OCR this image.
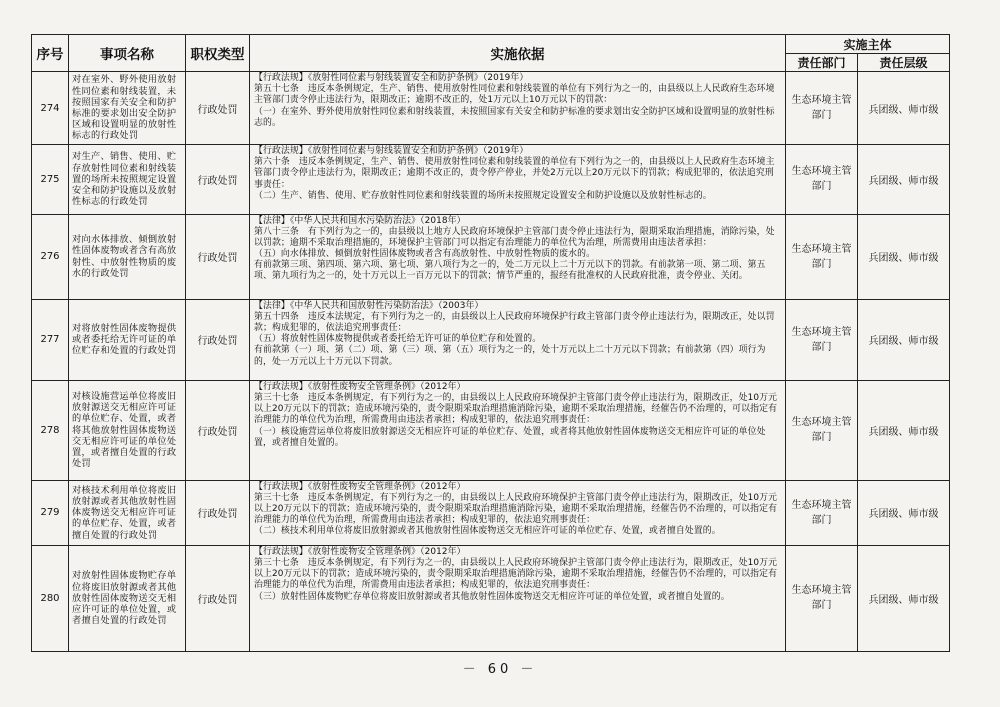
序号	事项名称	职权类型	实施依据	实施主体	
				责任部门	责任层级
274	对在室外、野外使用放射性同位素和射线装置，未按照国家有关安全和防护标准的要求划出安全防护区域和设置明显的放射性标志的行政处罚	行政处罚	【行政法规】《放射性同位素与射线装置安全和防护条例》（2019年）
第五十七条　违反本条例规定，生产、销售、使用放射性同位素和射线装置的单位有下列行为之一的，由县级以上人民政府生态环境主管部门责令停止违法行为，限期改正；逾期不改正的，处1万元以上10万元以下的罚款：
（一）在室外、野外使用放射性同位素和射线装置，未按照国家有关安全和防护标准的要求划出安全防护区域和设置明显的放射性标志的。	生态环境主管部门	兵团级、师市级
275	对生产、销售、使用、贮存放射性同位素和射线装置的场所未按照规定设置安全和防护设施以及放射性标志的行政处罚	行政处罚	【行政法规】《放射性同位素与射线装置安全和防护条例》（2019年）
第六十条　违反本条例规定，生产、销售、使用放射性同位素和射线装置的单位有下列行为之一的，由县级以上人民政府生态环境主管部门责令停止违法行为，限期改正；逾期不改正的，责令停产停业，并处2万元以上20万元以下的罚款；构成犯罪的，依法追究刑事责任：
（二）生产、销售、使用、贮存放射性同位素和射线装置的场所未按照规定设置安全和防护设施以及放射性标志的。	生态环境主管部门	兵团级、师市级
276	对向水体排放、倾倒放射性固体废物或者含有高放射性、中放射性物质的废水的行政处罚	行政处罚	【法律】《中华人民共和国水污染防治法》（2018年）
第八十三条　有下列行为之一的，由县级以上地方人民政府环境保护主管部门责令停止违法行为，限期采取治理措施，消除污染，处以罚款；逾期不采取治理措施的，环境保护主管部门可以指定有治理能力的单位代为治理，所需费用由违法者承担：
（五）向水体排放、倾倒放射性固体废物或者含有高放射性、中放射性物质的废水的。
有前款第三项、第四项、第六项、第七项、第八项行为之一的，处二万元以上二十万元以下的罚款。有前款第一项、第二项、第五项、第九项行为之一的，处十万元以上一百万元以下的罚款；情节严重的，报经有批准权的人民政府批准，责令停业、关闭。	生态环境主管部门	兵团级、师市级
277	对将放射性固体废物提供或者委托给无许可证的单位贮存和处置的行政处罚	行政处罚	【法律】《中华人民共和国放射性污染防治法》（2003年）
第五十四条　违反本法规定，有下列行为之一的，由县级以上人民政府环境保护行政主管部门责令停止违法行为，限期改正，处以罚款；构成犯罪的，依法追究刑事责任：
（五）将放射性固体废物提供或者委托给无许可证的单位贮存和处置的。
有前款第（一）项、第（二）项、第（三）项、第（五）项行为之一的，处十万元以上二十万元以下罚款；有前款第（四）项行为的，处一万元以上十万元以下罚款。	生态环境主管部门	兵团级、师市级
278	对核设施营运单位将废旧放射源送交无相应许可证的单位贮存、处置，或者将其他放射性固体废物送交无相应许可证的单位处置，或者擅自处置的行政处罚	行政处罚	【行政法规】《放射性废物安全管理条例》（2012年）
第三十七条　违反本条例规定，有下列行为之一的，由县级以上人民政府环境保护主管部门责令停止违法行为，限期改正，处10万元以上20万元以下的罚款；造成环境污染的，责令限期采取治理措施消除污染，逾期不采取治理措施，经催告仍不治理的，可以指定有治理能力的单位代为治理，所需费用由违法者承担；构成犯罪的，依法追究刑事责任：
（一）核设施营运单位将废旧放射源送交无相应许可证的单位贮存、处置，或者将其他放射性固体废物送交无相应许可证的单位处置，或者擅自处置的。	生态环境主管部门	兵团级、师市级
279	对核技术利用单位将废旧放射源或者其他放射性固体废物送交无相应许可证的单位贮存、处置，或者擅自处置的行政处罚	行政处罚	【行政法规】《放射性废物安全管理条例》（2012年）
第三十七条　违反本条例规定，有下列行为之一的，由县级以上人民政府环境保护主管部门责令停止违法行为，限期改正，处10万元以上20万元以下的罚款；造成环境污染的，责令限期采取治理措施消除污染，逾期不采取治理措施，经催告仍不治理的，可以指定有治理能力的单位代为治理，所需费用由违法者承担；构成犯罪的，依法追究刑事责任：
（二）核技术利用单位将废旧放射源或者其他放射性固体废物送交无相应许可证的单位贮存、处置，或者擅自处置的。	生态环境主管部门	兵团级、师市级
280	对放射性固体废物贮存单位将废旧放射源或者其他放射性固体废物送交无相应许可证的单位处置，或者擅自处置的行政处罚	行政处罚	【行政法规】《放射性废物安全管理条例》（2012年）
第三十七条　违反本条例规定，有下列行为之一的，由县级以上人民政府环境保护主管部门责令停止违法行为，限期改正，处10万元以上20万元以下的罚款；造成环境污染的，责令限期采取治理措施消除污染，逾期不采取治理措施，经催告仍不治理的，可以指定有治理能力的单位代为治理，所需费用由违法者承担；构成犯罪的，依法追究刑事责任：
（三）放射性固体废物贮存单位将废旧放射源或者其他放射性固体废物送交无相应许可证的单位处置，或者擅自处置的。	生态环境主管部门	兵团级、师市级
－ 60 －
